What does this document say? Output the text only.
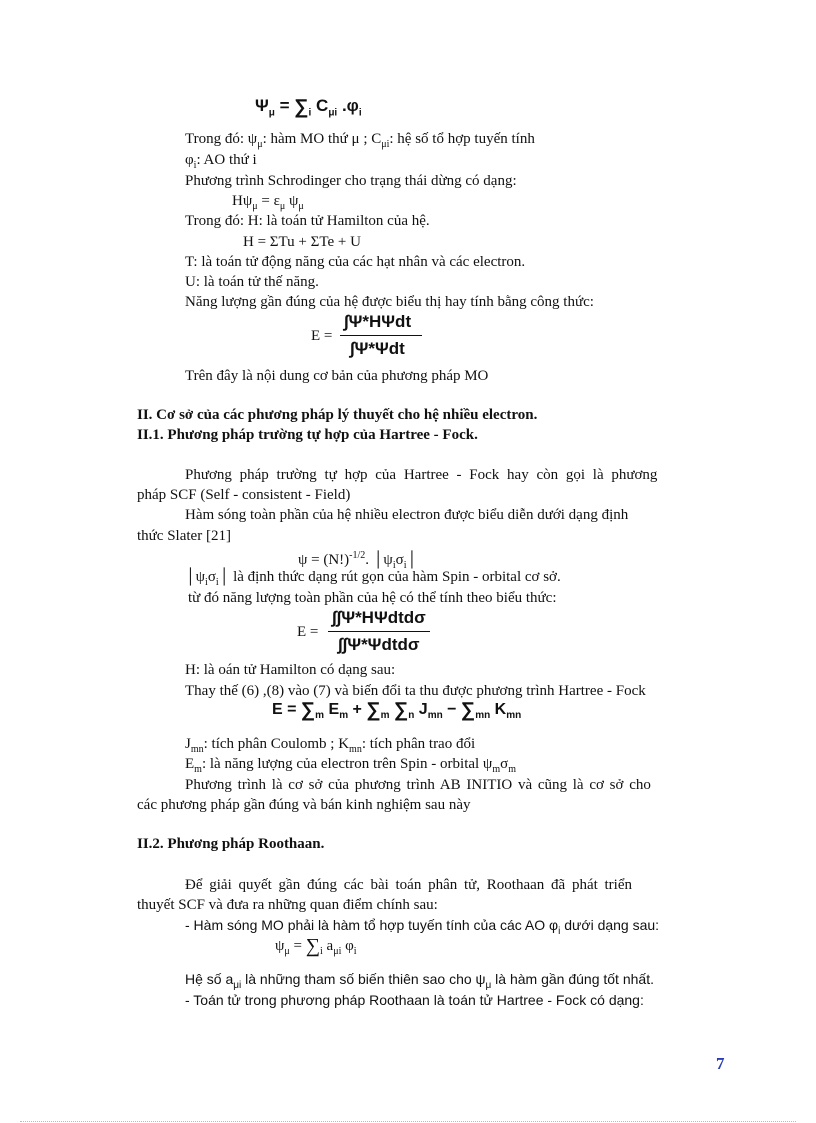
$\Psi_\mu = \sum_i$ $C_{\mu i}$ $.\varphi_i$
Trong đó: $\psi_\mu$: hàm MO thứ μ ; $C_{\mu i}$: hệ số tổ hợp tuyến tính
$\varphi_i$: AO thứ i
Phương trình Schrodinger cho trạng thái dừng có dạng:
$H\psi_\mu = \varepsilon_\mu$ $\psi_\mu$
Trong đó: H: là toán tử Hamilton của hệ.
H = ΣTu + ΣTe + U
T: là toán tử động năng của các hạt nhân và các electron.
U: là toán tử thế năng.
Năng lượng gần đúng của hệ được biểu thị hay tính bằng công thức:
E =
∫Ψ*HΨdt
∫Ψ*Ψdt
Trên đây là nội dung cơ bản của phương pháp MO
II. Cơ sở của các phương pháp lý thuyết cho hệ nhiều electron.
II.1. Phương pháp trường tự hợp của Hartree - Fock.
Phương pháp trường tự hợp của Hartree - Fock hay còn gọi là phương
pháp SCF (Self - consistent - Field)
Hàm sóng toàn phần của hệ nhiều electron được biểu diễn dưới dạng định
thức Slater [21]
$\psi = (N!)^{-1/2}$. $│\psi_i\sigma_i│$
$│\psi_i\sigma_i│$ là định thức dạng rút gọn của hàm Spin - orbital cơ sở.
từ đó năng lượng toàn phần của hệ có thể tính theo biểu thức:
E =
∫∫Ψ*HΨdtdσ
∫∫Ψ*Ψdtdσ
H: là oán tử Hamilton có dạng sau:
Thay thế (6) ,(8) vào (7) và biến đổi ta thu được phương trình Hartree - Fock
$E = \sum_m$ $E_m + \sum_m$ $\sum_n$ $J_{mn} - \sum_{mn}$ $K_{mn}$
$J_{mn}$: tích phân Coulomb ; $K_{mn}$: tích phân trao đổi
$E_m$: là năng lượng của electron trên Spin - orbital $\psi_m\sigma_m$
Phương trình là cơ sở của phương trình AB INITIO và cũng là cơ sở cho
các phương pháp gần đúng và bán kinh nghiệm sau này
II.2. Phương pháp Roothaan.
Để giải quyết gần đúng các bài toán phân tử, Roothaan đã phát triển
thuyết SCF và đưa ra những quan điểm chính sau:
- Hàm sóng MO phải là hàm tổ hợp tuyến tính của các AO $\varphi_i$ dưới dạng sau:
$\psi_\mu = \sum_i$ $a_{\mu i}$ $\varphi_i$
Hệ số $a_{\mu i}$ là những tham số biến thiên sao cho $\psi_\mu$ là hàm gần đúng tốt nhất.
- Toán tử trong phương pháp Roothaan là toán tử Hartree - Fock có dạng:
7
